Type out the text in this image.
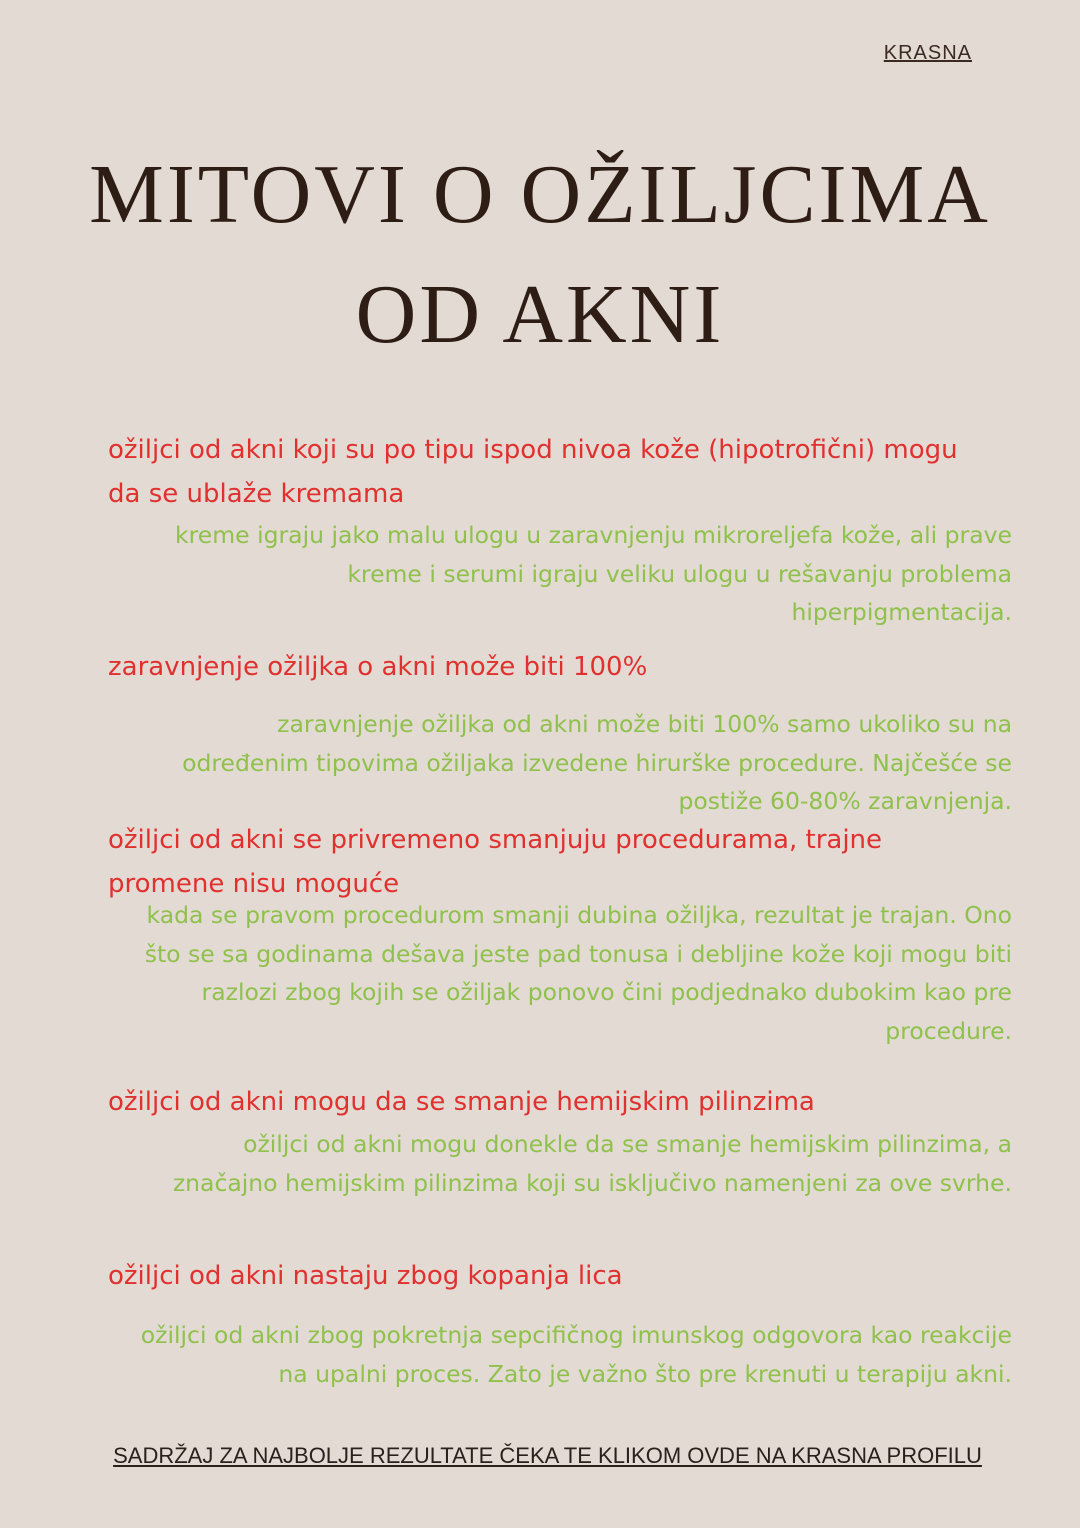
KRASNA
MITOVI O OŽILJCIMA
OD AKNI

ožiljci od akni koji su po tipu ispod nivoa kože (hipotrofični) mogu da se ublaže kremama

kreme igraju jako malu ulogu u zaravnjenju mikroreljefa kože, ali prave kreme i serumi igraju veliku ulogu u rešavanju problema hiperpigmentacija.

zaravnjenje ožiljka o akni može biti 100%

zaravnjenje ožiljka od akni može biti 100% samo ukoliko su na određenim tipovima ožiljaka izvedene hirurške procedure. Najčešće se postiže 60-80% zaravnjenja.

ožiljci od akni se privremeno smanjuju procedurama, trajne promene nisu moguće

kada se pravom procedurom smanji dubina ožiljka, rezultat je trajan. Ono što se sa godinama dešava jeste pad tonusa i debljine kože koji mogu biti razlozi zbog kojih se ožiljak ponovo čini podjednako dubokim kao pre procedure.

ožiljci od akni mogu da se smanje hemijskim pilinzima

ožiljci od akni mogu donekle da se smanje hemijskim pilinzima, a značajno hemijskim pilinzima koji su isključivo namenjeni za ove svrhe.

ožiljci od akni nastaju zbog kopanja lica

ožiljci od akni zbog pokretnja sepcifičnog imunskog odgovora kao reakcije na upalni proces. Zato je važno što pre krenuti u terapiju akni.

SADRŽAJ ZA NAJBOLJE REZULTATE ČEKA TE KLIKOM OVDE NA KRASNA PROFILU
